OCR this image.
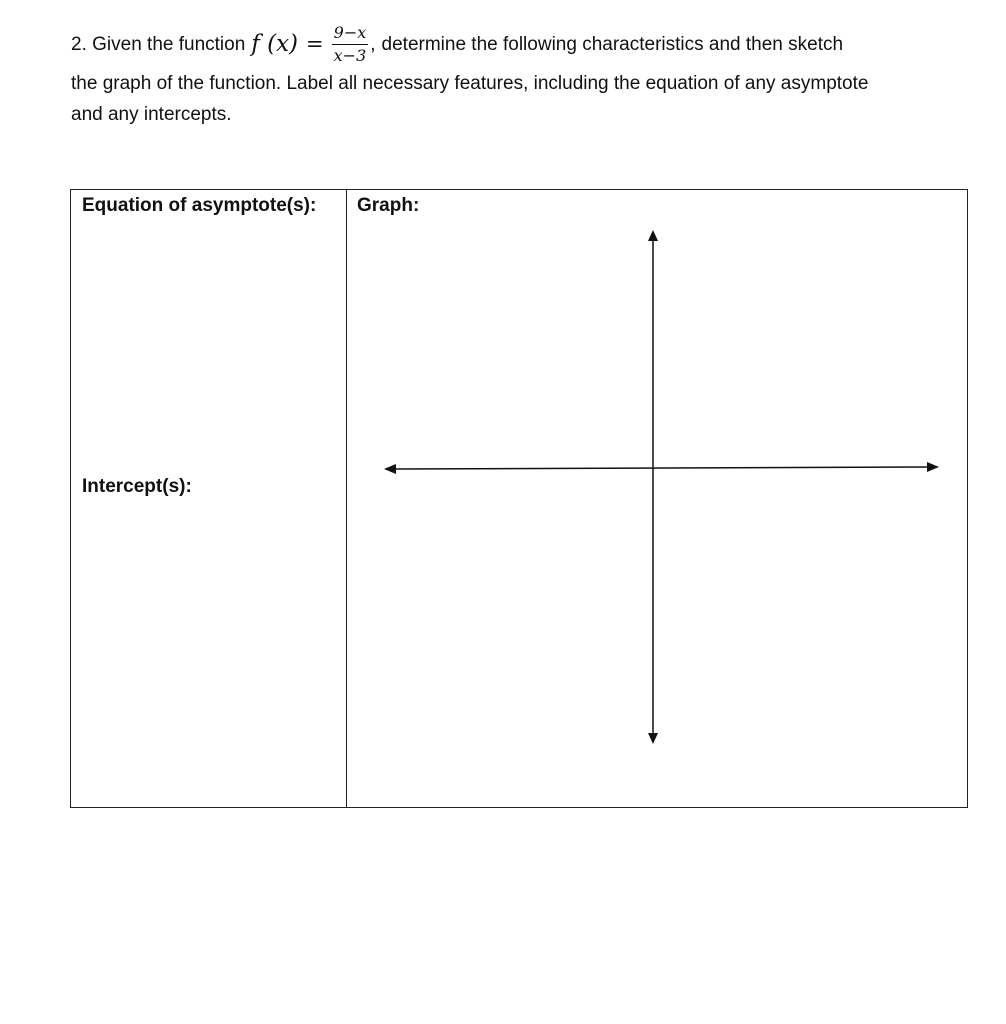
2. Given the function f $(x) = \frac{9-x}{x-3}$ , determine the following characteristics and then sketch
the graph of the function. Label all necessary features, including the equation of any asymptote
and any intercepts.
Equation of asymptote(s):
Intercept(s):
Graph:
